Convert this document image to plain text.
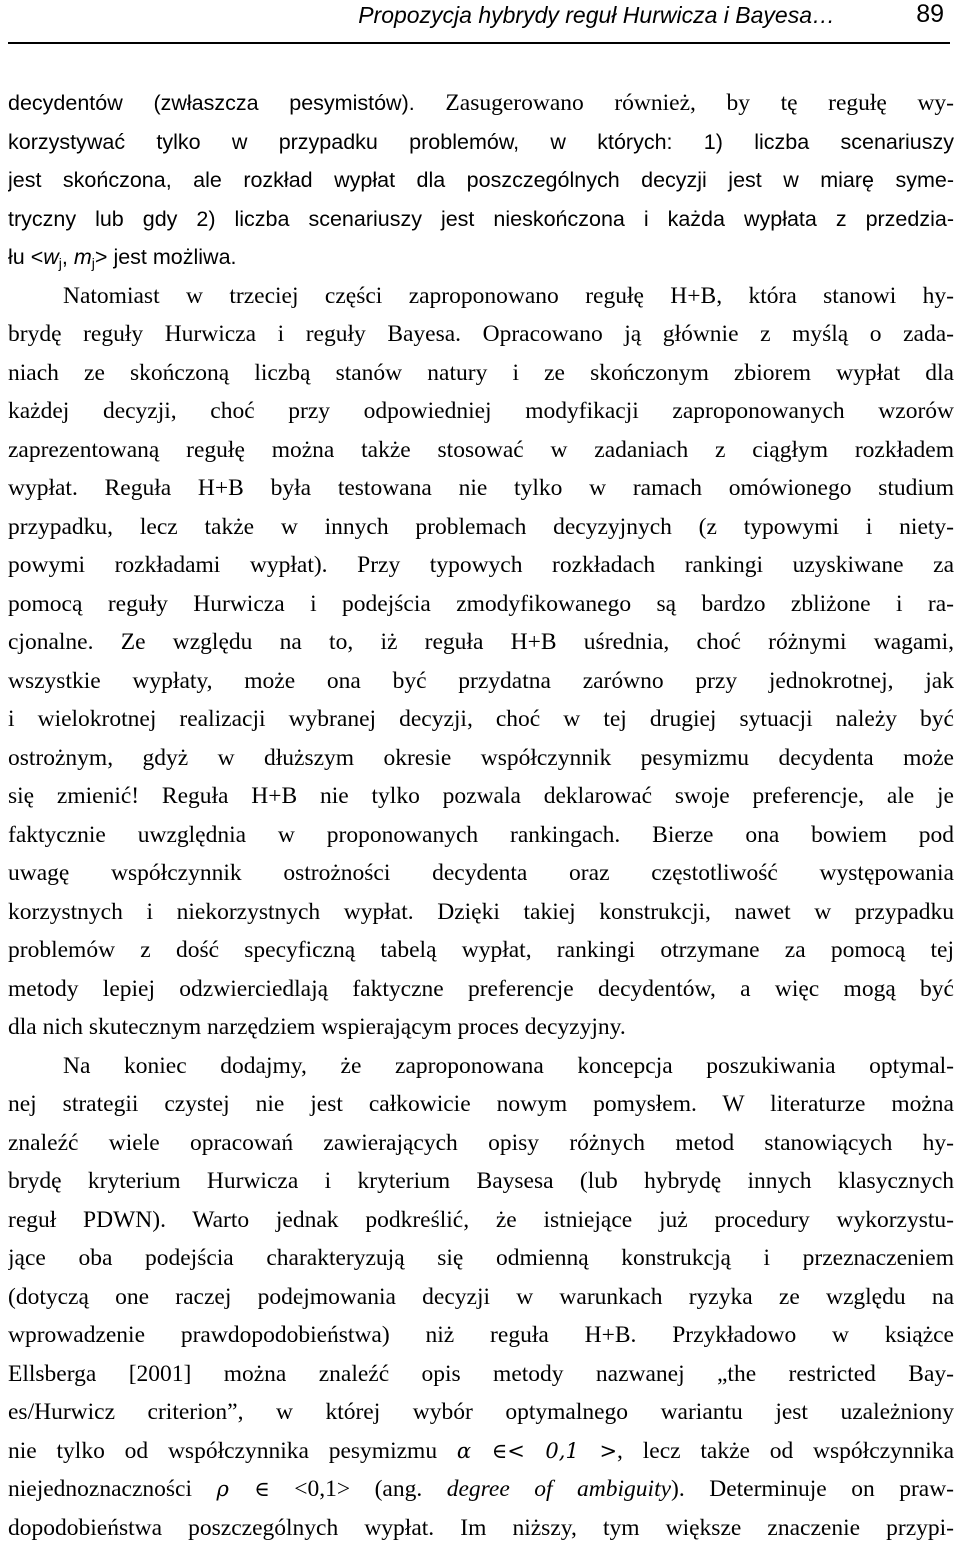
Propozycja hybrydy reguł Hurwicza i Bayesa…	89
decydentów (zwłaszcza pesymistów). Zasugerowano również, by tę regułę wy-
korzystywać tylko w przypadku problemów, w których: 1) liczba scenariuszy
jest skończona, ale rozkład wypłat dla poszczególnych decyzji jest w miarę syme-
tryczny lub gdy 2) liczba scenariuszy jest nieskończona i każda wypłata z przedzia-
łu $<w_j$, $m_j>$ jest możliwa.
Natomiast w trzeciej części zaproponowano regułę H+B, która stanowi hy-
brydę reguły Hurwicza i reguły Bayesa. Opracowano ją głównie z myślą o zada-
niach ze skończoną liczbą stanów natury i ze skończonym zbiorem wypłat dla
każdej decyzji, choć przy odpowiedniej modyfikacji zaproponowanych wzorów
zaprezentowaną regułę można także stosować w zadaniach z ciągłym rozkładem
wypłat. Reguła H+B była testowana nie tylko w ramach omówionego studium
przypadku, lecz także w innych problemach decyzyjnych (z typowymi i niety-
powymi rozkładami wypłat). Przy typowych rozkładach rankingi uzyskiwane za
pomocą reguły Hurwicza i podejścia zmodyfikowanego są bardzo zbliżone i ra-
cjonalne. Ze względu na to, iż reguła H+B uśrednia, choć różnymi wagami,
wszystkie wypłaty, może ona być przydatna zarówno przy jednokrotnej, jak
i wielokrotnej realizacji wybranej decyzji, choć w tej drugiej sytuacji należy być
ostrożnym, gdyż w dłuższym okresie współczynnik pesymizmu decydenta może
się zmienić! Reguła H+B nie tylko pozwala deklarować swoje preferencje, ale je
faktycznie uwzględnia w proponowanych rankingach. Bierze ona bowiem pod
uwagę współczynnik ostrożności decydenta oraz częstotliwość występowania
korzystnych i niekorzystnych wypłat. Dzięki takiej konstrukcji, nawet w przypadku
problemów z dość specyficzną tabelą wypłat, rankingi otrzymane za pomocą tej
metody lepiej odzwierciedlają faktyczne preferencje decydentów, a więc mogą być
dla nich skutecznym narzędziem wspierającym proces decyzyjny.
Na koniec dodajmy, że zaproponowana koncepcja poszukiwania optymal-
nej strategii czystej nie jest całkowicie nowym pomysłem. W literaturze można
znaleźć wiele opracowań zawierających opisy różnych metod stanowiących hy-
brydę kryterium Hurwicza i kryterium Baysesa (lub hybrydę innych klasycznych
reguł PDWN). Warto jednak podkreślić, że istniejące już procedury wykorzystu-
jące oba podejścia charakteryzują się odmienną konstrukcją i przeznaczeniem
(dotyczą one raczej podejmowania decyzji w warunkach ryzyka ze względu na
wprowadzenie prawdopodobieństwa) niż reguła H+B. Przykładowo w książce
Ellsberga [2001] można znaleźć opis metody nazwanej „the restricted Bay-
es/Hurwicz criterion”, w której wybór optymalnego wariantu jest uzależniony
nie tylko od współczynnika pesymizmu α ∈< 0,1 >, lecz także od współczynnika
niejednoznaczności ρ ∈ <0,1> (ang. degree of ambiguity). Determinuje on praw-
dopodobieństwa poszczególnych wypłat. Im niższy, tym większe znaczenie przypi-
